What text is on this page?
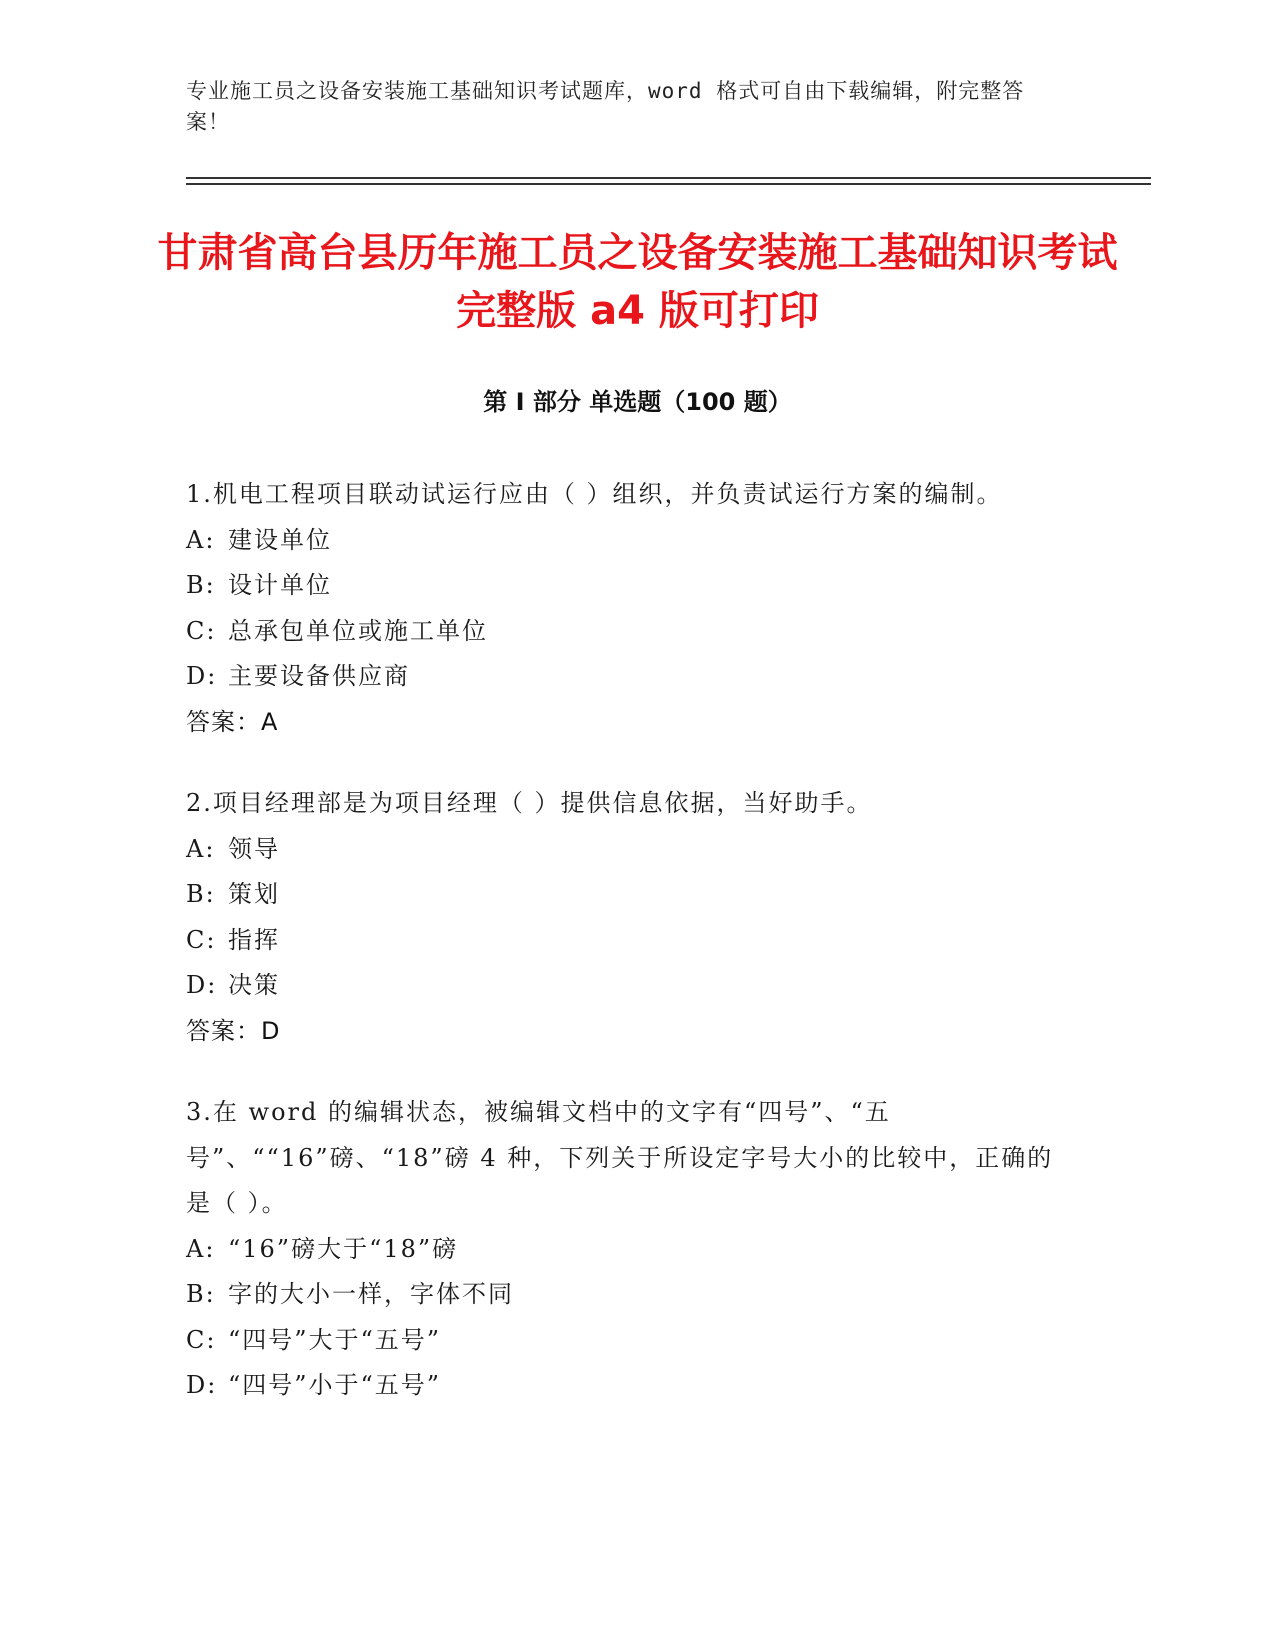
专业施工员之设备安装施工基础知识考试题库，word 格式可自由下载编辑，附完整答案！
甘肃省高台县历年施工员之设备安装施工基础知识考试完整版 a4 版可打印
第 I 部分 单选题（100 题）

1.机电工程项目联动试运行应由（ ）组织，并负责试运行方案的编制。

A: 建设单位
B: 设计单位
C: 总承包单位或施工单位
D: 主要设备供应商
答案：A

2.项目经理部是为项目经理（ ）提供信息依据，当好助手。

A: 领导
B: 策划
C: 指挥
D: 决策
答案：D

3.在 word 的编辑状态，被编辑文档中的文字有“四号”、“五号”、““16”磅、“18”磅 4 种，下列关于所设定字号大小的比较中，正确的是（ ）。

A: “16”磅大于“18”磅
B: 字的大小一样，字体不同
C: “四号”大于“五号”
D: “四号”小于“五号”
